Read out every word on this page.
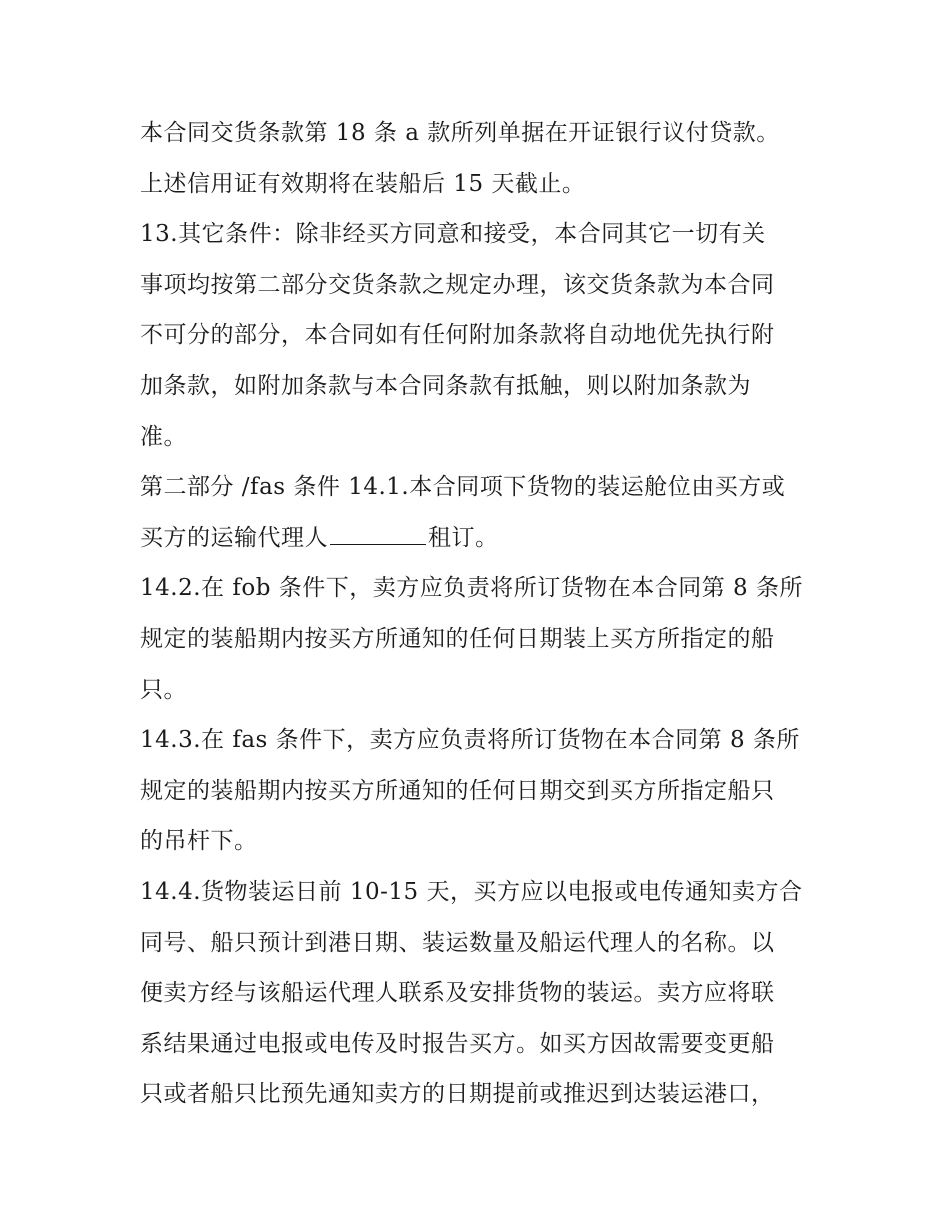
本合同交货条款第 18 条 a 款所列单据在开证银行议付贷款。
上述信用证有效期将在装船后 15 天截止。
13.其它条件：除非经买方同意和接受，本合同其它一切有关
事项均按第二部分交货条款之规定办理，该交货条款为本合同
不可分的部分，本合同如有任何附加条款将自动地优先执行附
加条款，如附加条款与本合同条款有抵触，则以附加条款为
准。
第二部分 /fas 条件 14.1.本合同项下货物的装运舱位由买方或
买方的运输代理人	租订。
14.2.在 fob 条件下，卖方应负责将所订货物在本合同第 8 条所
规定的装船期内按买方所通知的任何日期装上买方所指定的船
只。
14.3.在 fas 条件下，卖方应负责将所订货物在本合同第 8 条所
规定的装船期内按买方所通知的任何日期交到买方所指定船只
的吊杆下。
14.4.货物装运日前 10-15 天，买方应以电报或电传通知卖方合
同号、船只预计到港日期、装运数量及船运代理人的名称。以
便卖方经与该船运代理人联系及安排货物的装运。卖方应将联
系结果通过电报或电传及时报告买方。如买方因故需要变更船
只或者船只比预先通知卖方的日期提前或推迟到达装运港口，
